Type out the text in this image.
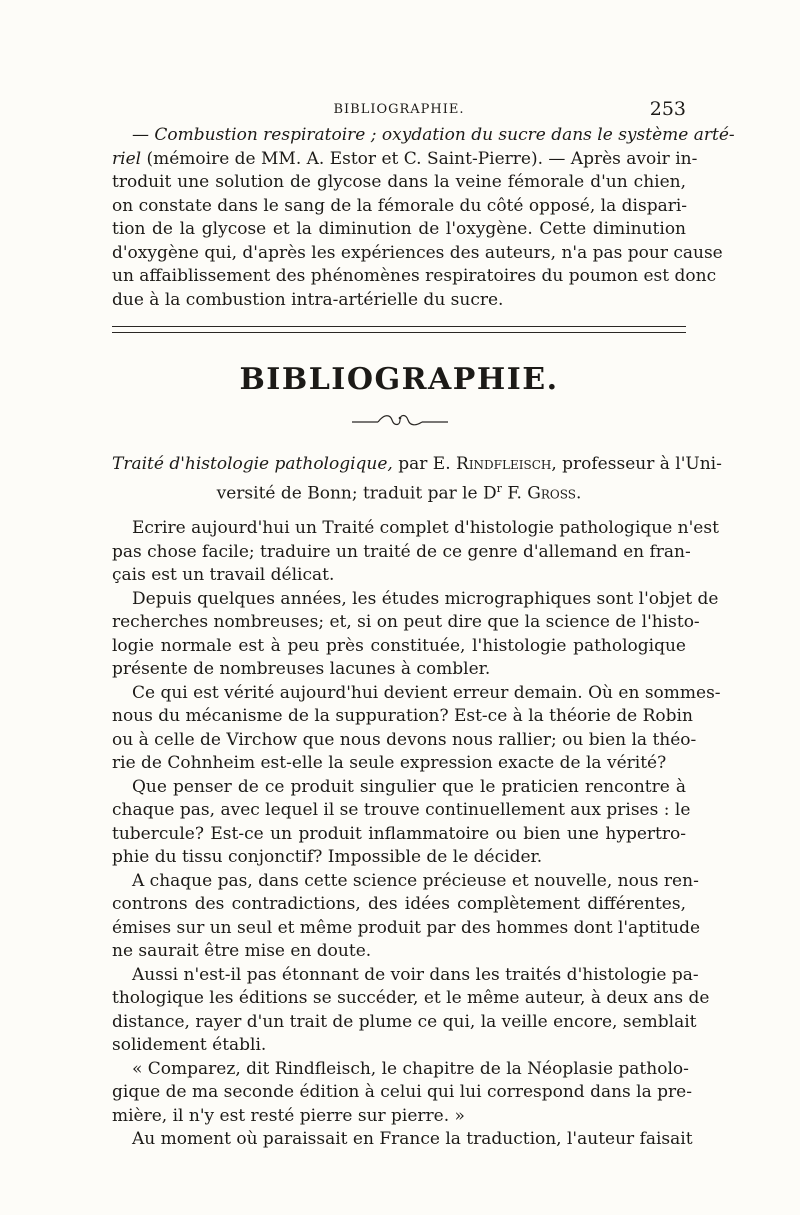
BIBLIOGRAPHIE.	253
— Combustion respiratoire ; oxydation du sucre dans le système arté-
riel (mémoire de MM. A. Estor et C. Saint-Pierre). — Après avoir in-
troduit une solution de glycose dans la veine fémorale d'un chien,
on constate dans le sang de la fémorale du côté opposé, la dispari-
tion de la glycose et la diminution de l'oxygène. Cette diminution
d'oxygène qui, d'après les expériences des auteurs, n'a pas pour cause
un affaiblissement des phénomènes respiratoires du poumon est donc
due à la combustion intra-artérielle du sucre.
BIBLIOGRAPHIE.
Traité d'histologie pathologique, par E. Rindfleisch, professeur à l'Uni-
versité de Bonn; traduit par le $D^r$ F. Gross.
Ecrire aujourd'hui un Traité complet d'histologie pathologique n'est
pas chose facile; traduire un traité de ce genre d'allemand en fran-
çais est un travail délicat.
Depuis quelques années, les études micrographiques sont l'objet de
recherches nombreuses; et, si on peut dire que la science de l'histo-
logie normale est à peu près constituée, l'histologie pathologique
présente de nombreuses lacunes à combler.
Ce qui est vérité aujourd'hui devient erreur demain. Où en sommes-
nous du mécanisme de la suppuration? Est-ce à la théorie de Robin
ou à celle de Virchow que nous devons nous rallier; ou bien la théo-
rie de Cohnheim est-elle la seule expression exacte de la vérité?
Que penser de ce produit singulier que le praticien rencontre à
chaque pas, avec lequel il se trouve continuellement aux prises : le
tubercule? Est-ce un produit inflammatoire ou bien une hypertro-
phie du tissu conjonctif? Impossible de le décider.
A chaque pas, dans cette science précieuse et nouvelle, nous ren-
controns des contradictions, des idées complètement différentes,
émises sur un seul et même produit par des hommes dont l'aptitude
ne saurait être mise en doute.
Aussi n'est-il pas étonnant de voir dans les traités d'histologie pa-
thologique les éditions se succéder, et le même auteur, à deux ans de
distance, rayer d'un trait de plume ce qui, la veille encore, semblait
solidement établi.
« Comparez, dit Rindfleisch, le chapitre de la Néoplasie patholo-
gique de ma seconde édition à celui qui lui correspond dans la pre-
mière, il n'y est resté pierre sur pierre. »
Au moment où paraissait en France la traduction, l'auteur faisait
